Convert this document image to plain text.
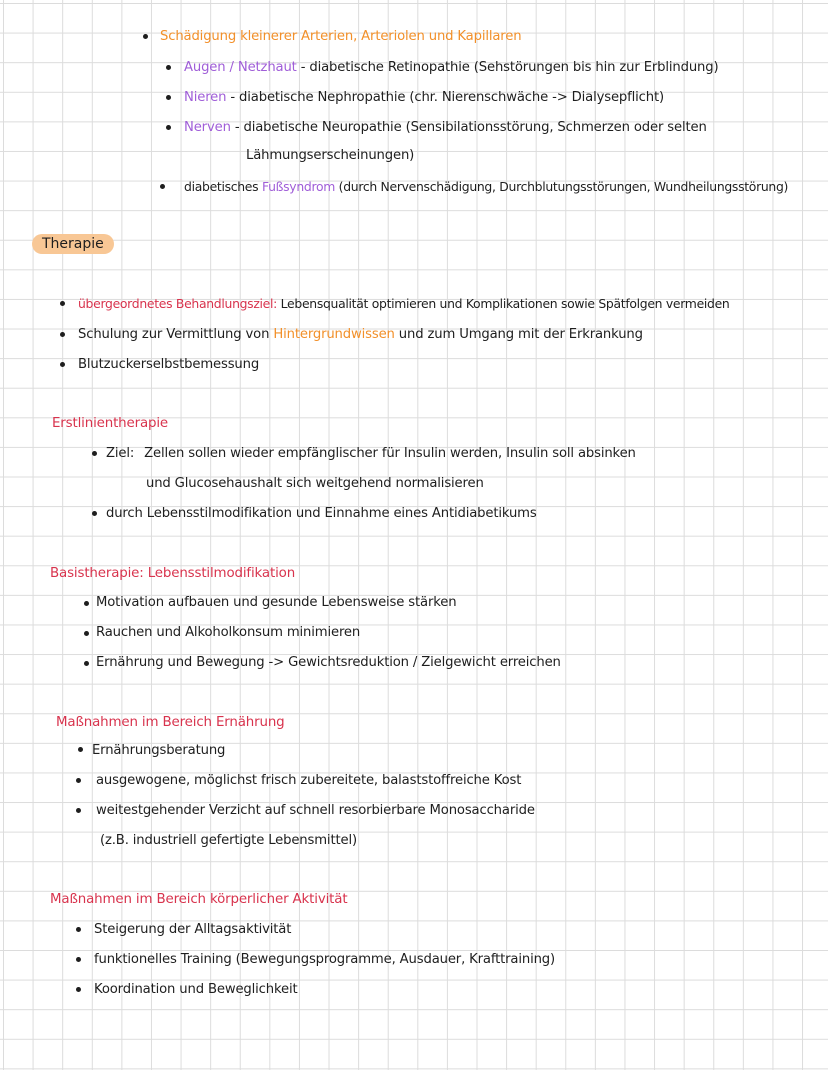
Schädigung kleinerer Arterien, Arteriolen und Kapillaren
Augen / Netzhaut - diabetische Retinopathie (Sehstörungen bis hin zur Erblindung)
Nieren - diabetische Nephropathie (chr. Nierenschwäche -> Dialysepflicht)
Nerven - diabetische Neuropathie (Sensibilationsstörung, Schmerzen oder selten
Lähmungserscheinungen)
diabetisches Fußsyndrom (durch Nervenschädigung, Durchblutungsstörungen, Wundheilungsstörung)
Therapie
übergeordnetes Behandlungsziel: Lebensqualität optimieren und Komplikationen sowie Spätfolgen vermeiden
Schulung zur Vermittlung von Hintergrundwissen und zum Umgang mit der Erkrankung
Blutzuckerselbstbemessung
Erstlinientherapie
Ziel: Zellen sollen wieder empfänglischer für Insulin werden, Insulin soll absinken
und Glucosehaushalt sich weitgehend normalisieren
durch Lebensstilmodifikation und Einnahme eines Antidiabetikums
Basistherapie: Lebensstilmodifikation
Motivation aufbauen und gesunde Lebensweise stärken
Rauchen und Alkoholkonsum minimieren
Ernährung und Bewegung -> Gewichtsreduktion / Zielgewicht erreichen
Maßnahmen im Bereich Ernährung
Ernährungsberatung
ausgewogene, möglichst frisch zubereitete, balaststoffreiche Kost
weitestgehender Verzicht auf schnell resorbierbare Monosaccharide
(z.B. industriell gefertigte Lebensmittel)
Maßnahmen im Bereich körperlicher Aktivität
Steigerung der Alltagsaktivität
funktionelles Training (Bewegungsprogramme, Ausdauer, Krafttraining)
Koordination und Beweglichkeit
